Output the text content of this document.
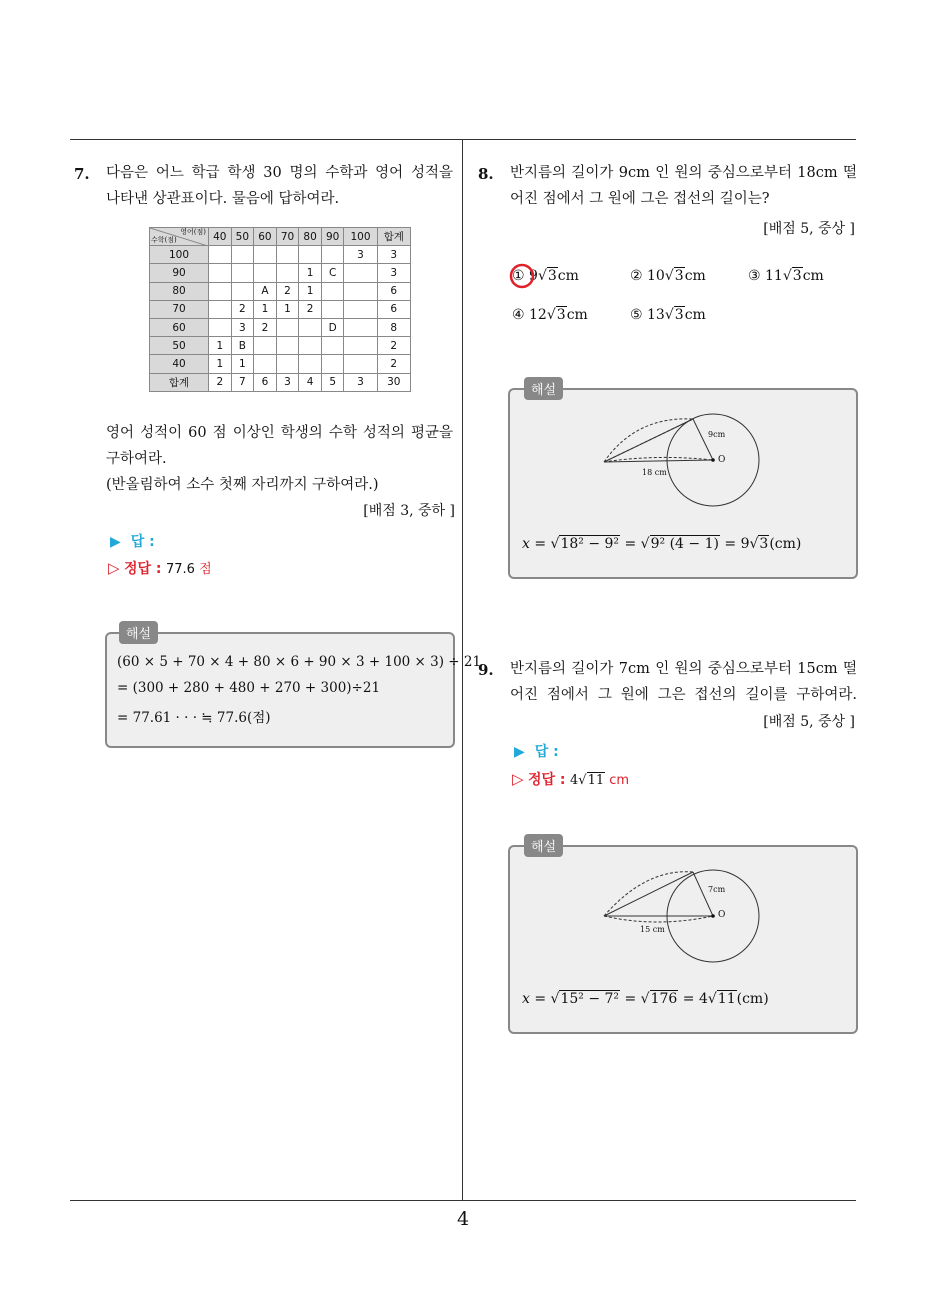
7. 다음은 어느 학급 학생 30 명의 수학과 영어 성적을
나타낸 상관표이다. 물음에 답하여라.
영어(점)
수학(점)	40	50	60	70	80	90	100	합계
100							3	3
90					1	C		3
80			A	2	1			6
70		2	1	1	2			6
60		3	2			D		8
50	1	B						2
40	1	1						2
합계	2	7	6	3	4	5	3	30
영어 성적이 60 점 이상인 학생의 수학 성적의 평균을
구하여라.
(반올림하여 소수 첫째 자리까지 구하여라.)
[배점 3, 중하 ]
▶ 답 :
▷ 정답 : 77.6 점
해설
(60 × 5 + 70 × 4 + 80 × 6 + 90 × 3 + 100 × 3) ÷ 21
= (300 + 280 + 480 + 270 + 300)÷21
= 77.61 · · · ≒ 77.6(점)
8. 반지름의 길이가 9cm 인 원의 중심으로부터 18cm 떨
어진 점에서 그 원에 그은 접선의 길이는?
[배점 5, 중상 ]
① 9√3cm	② 10√3cm	③ 11√3cm
④ 12√3cm	⑤ 13√3cm
해설
9cm
O
18 cm
x = √18² − 9² = √9² (4 − 1) = 9√3(cm)
9. 반지름의 길이가 7cm 인 원의 중심으로부터 15cm 떨
어진 점에서 그 원에 그은 접선의 길이를 구하여라.
[배점 5, 중상 ]
▶ 답 :
▷ 정답 : 4√11 cm
해설
7cm
O
15 cm
x = √15² − 7² = √176 = 4√11(cm)
4
